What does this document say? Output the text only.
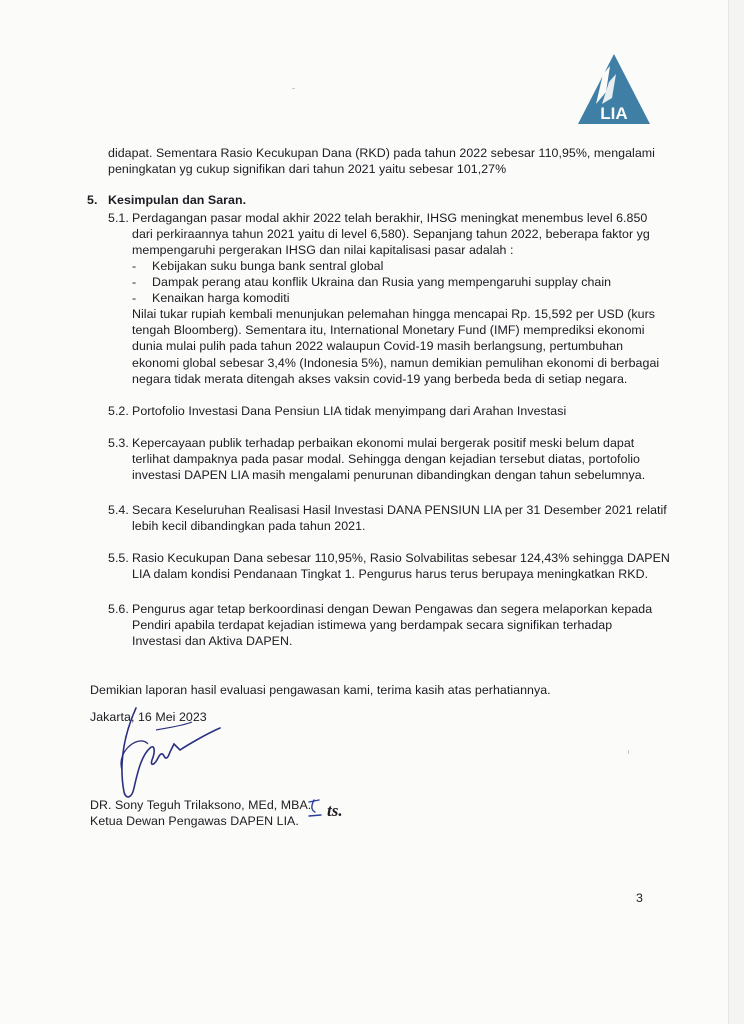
LIA
didapat. Sementara Rasio Kecukupan Dana (RKD) pada tahun 2022 sebesar 110,95%, mengalami
peningkatan yg cukup signifikan dari tahun 2021 yaitu sebesar 101,27%
5. Kesimpulan dan Saran.
5.1. Perdagangan pasar modal akhir 2022 telah berakhir, IHSG meningkat menembus level 6.850
dari perkiraannya tahun 2021 yaitu di level 6,580). Sepanjang tahun 2022, beberapa faktor yg
mempengaruhi pergerakan IHSG dan nilai kapitalisasi pasar adalah :
- Kebijakan suku bunga bank sentral global
- Dampak perang atau konflik Ukraina dan Rusia yang mempengaruhi supplay chain
- Kenaikan harga komoditi
Nilai tukar rupiah kembali menunjukan pelemahan hingga mencapai Rp. 15,592 per USD (kurs
tengah Bloomberg). Sementara itu, International Monetary Fund (IMF) memprediksi ekonomi
dunia mulai pulih pada tahun 2022 walaupun Covid-19 masih berlangsung, pertumbuhan
ekonomi global sebesar 3,4% (Indonesia 5%), namun demikian pemulihan ekonomi di berbagai
negara tidak merata ditengah akses vaksin covid-19 yang berbeda beda di setiap negara.
5.2. Portofolio Investasi Dana Pensiun LIA tidak menyimpang dari Arahan Investasi
5.3. Kepercayaan publik terhadap perbaikan ekonomi mulai bergerak positif meski belum dapat
terlihat dampaknya pada pasar modal. Sehingga dengan kejadian tersebut diatas, portofolio
investasi DAPEN LIA masih mengalami penurunan dibandingkan dengan tahun sebelumnya.
5.4. Secara Keseluruhan Realisasi Hasil Investasi DANA PENSIUN LIA per 31 Desember 2021 relatif
lebih kecil dibandingkan pada tahun 2021.
5.5. Rasio Kecukupan Dana sebesar 110,95%, Rasio Solvabilitas sebesar 124,43% sehingga DAPEN
LIA dalam kondisi Pendanaan Tingkat 1. Pengurus harus terus berupaya meningkatkan RKD.
5.6. Pengurus agar tetap berkoordinasi dengan Dewan Pengawas dan segera melaporkan kepada
Pendiri apabila terdapat kejadian istimewa yang berdampak secara signifikan terhadap
Investasi dan Aktiva DAPEN.
Demikian laporan hasil evaluasi pengawasan kami, terima kasih atas perhatiannya.
Jakarta, 16 Mei 2023
DR. Sony Teguh Trilaksono, MEd, MBA.
Ketua Dewan Pengawas DAPEN LIA.
ts.
3
